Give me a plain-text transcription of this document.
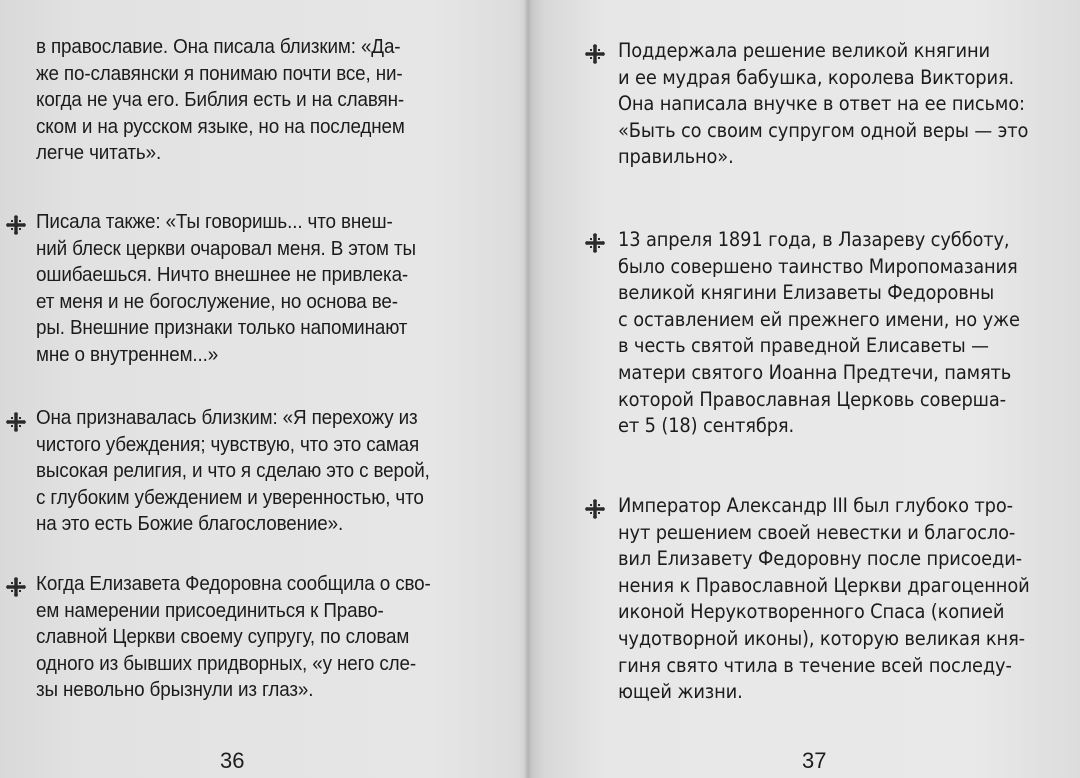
в православие. Она писала близким: «Да-
же по-славянски я понимаю почти все, ни-
когда не уча его. Библия есть и на славян-
ском и на русском языке, но на последнем
легче читать».

Писала также: «Ты говоришь... что внеш-
ний блеск церкви очаровал меня. В этом ты
ошибаешься. Ничто внешнее не привлека-
ет меня и не богослужение, но основа ве-
ры. Внешние признаки только напоминают
мне о внутреннем...»

Она признавалась близким: «Я перехожу из
чистого убеждения; чувствую, что это самая
высокая религия, и что я сделаю это с верой,
с глубоким убеждением и уверенностью, что
на это есть Божие благословение».

Когда Елизавета Федоровна сообщила о сво-
ем намерении присоединиться к Право-
славной Церкви своему супругу, по словам
одного из бывших придворных, «у него сле-
зы невольно брызнули из глаз».

36

Поддержала решение великой княгини
и ее мудрая бабушка, королева Виктория.
Она написала внучке в ответ на ее письмо:
«Быть со своим супругом одной веры — это
правильно».

13 апреля 1891 года, в Лазареву субботу,
было совершено таинство Миропомазания
великой княгини Елизаветы Федоровны
с оставлением ей прежнего имени, но уже
в честь святой праведной Елисаветы —
матери святого Иоанна Предтечи, память
которой Православная Церковь соверша-
ет 5 (18) сентября.

Император Александр III был глубоко тро-
нут решением своей невестки и благосло-
вил Елизавету Федоровну после присоеди-
нения к Православной Церкви драгоценной
иконой Нерукотворенного Спаса (копией
чудотворной иконы), которую великая кня-
гиня свято чтила в течение всей последу-
ющей жизни.

37
